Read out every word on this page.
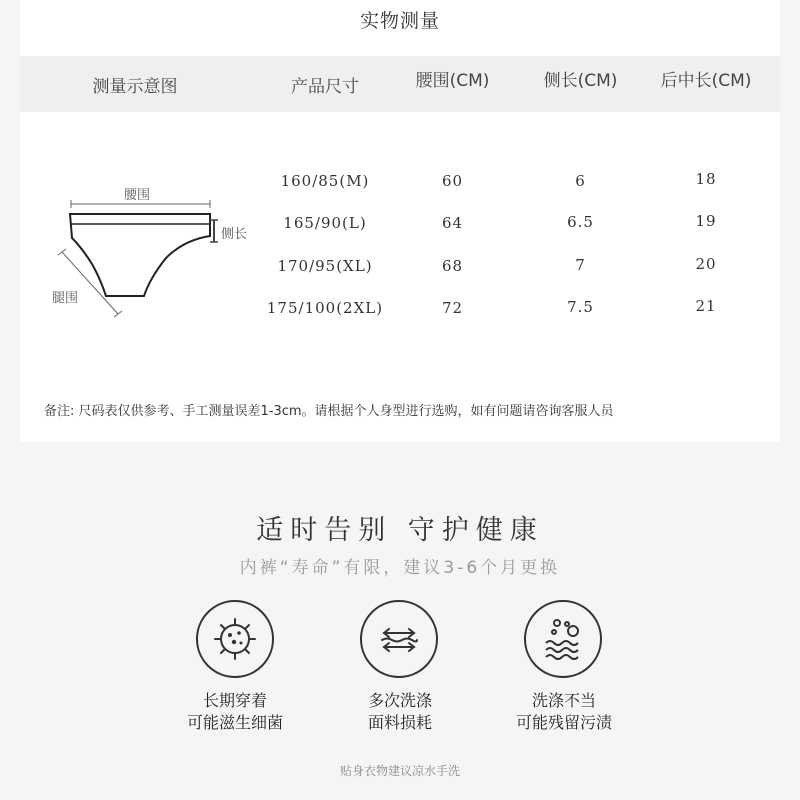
实物测量
测量示意图	产品尺寸	腰围(CM)	侧长(CM)	后中长(CM)
腰围
侧长
腿围
160/85(M)	60	6	18
165/90(L)	64	6.5	19
170/95(XL)	68	7	20
175/100(2XL)	72	7.5	21
备注: 尺码表仅供参考、手工测量误差1-3cm。请根据个人身型进行选购，如有问题请咨询客服人员
适时告别 守护健康
内裤“寿命”有限，建议3-6个月更换
长期穿着
可能滋生细菌
多次洗涤
面料损耗
洗涤不当
可能残留污渍
贴身衣物建议凉水手洗
